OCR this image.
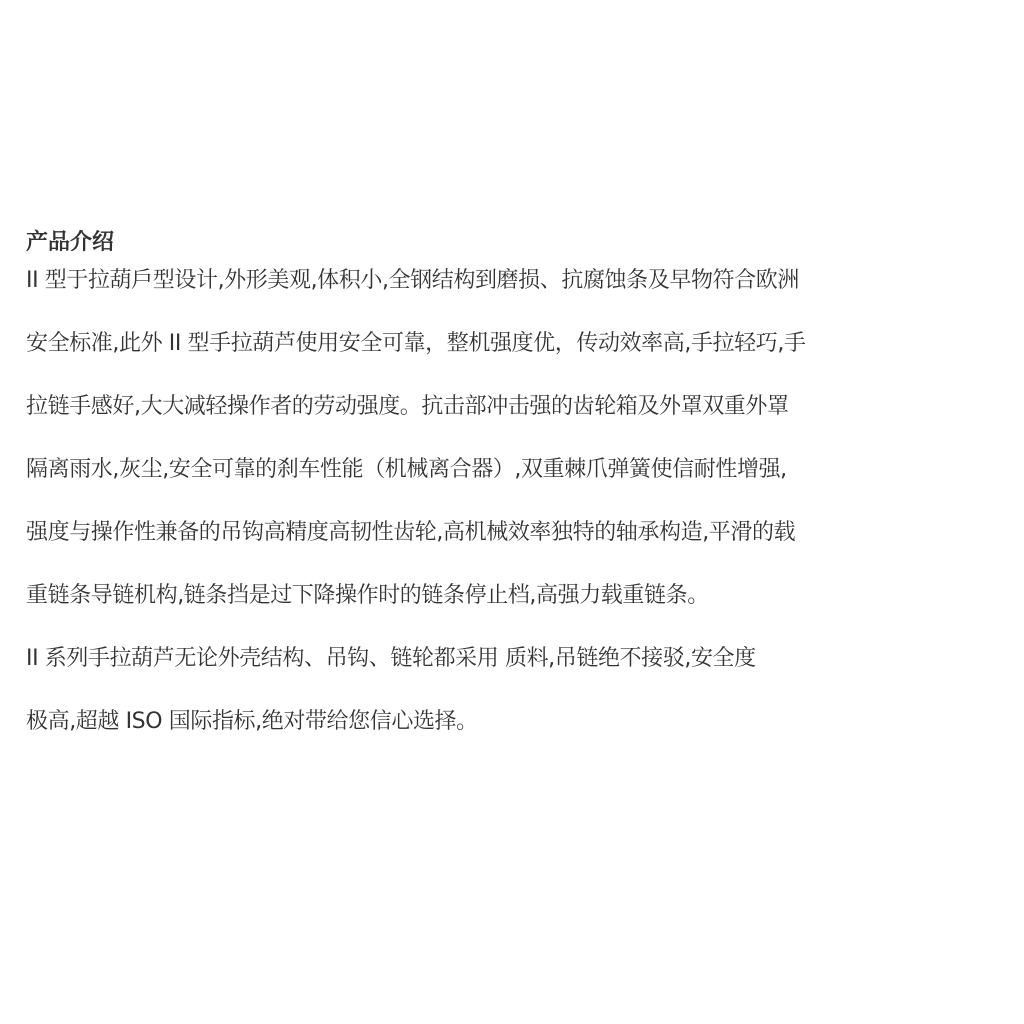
产品介绍
II 型于拉葫戶型设计,外形美观,体积小,全钢结构到磨损、抗腐蚀条及早物符合欧洲
安全标准,此外 II 型手拉葫芦使用安全可靠，整机强度优，传动效率高,手拉轻巧,手
拉链手感好,大大减轻操作者的劳动强度。抗击部冲击强的齿轮箱及外罩双重外罩
隔离雨水,灰尘,安全可靠的刹车性能（机械离合器）,双重棘爪弹簧使信耐性增强,
强度与操作性兼备的吊钩高精度高韧性齿轮,高机械效率独特的轴承构造,平滑的载
重链条导链机构,链条挡是过下降操作时的链条停止档,高强力载重链条。
II 系列手拉葫芦无论外壳结构、吊钩、链轮都采用 质料,吊链绝不接驳,安全度
极高,超越 ISO 国际指标,绝对带给您信心选择。
